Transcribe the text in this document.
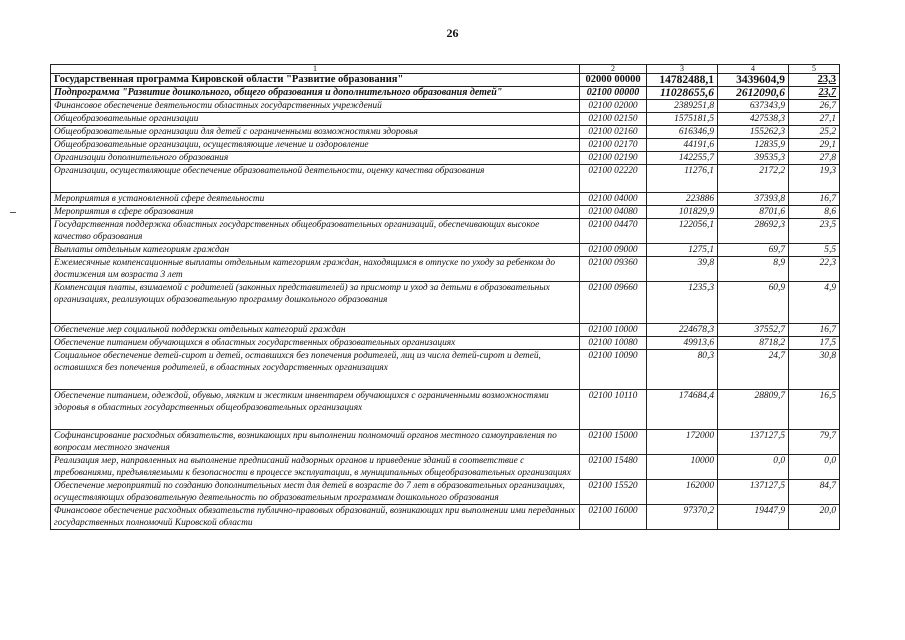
26
1	2	3	4	5
Государственная программа Кировской области "Развитие образования"	02000 00000	14782488,1	3439604,9	23,3
Подпрограмма "Развитие дошкольного, общего образования и дополнительного образования детей"	02100 00000	11028655,6	2612090,6	23,7
Финансовое обеспечение деятельности областных государственных учреждений	02100 02000	2389251,8	637343,9	26,7
Общеобразовательные организации	02100 02150	1575181,5	427538,3	27,1
Общеобразовательные организации для детей с ограниченными возможностями здоровья	02100 02160	616346,9	155262,3	25,2
Общеобразовательные организации, осуществляющие лечение и оздоровление	02100 02170	44191,6	12835,9	29,1
Организации дополнительного образования	02100 02190	142255,7	39535,3	27,8
Организации, осуществляющие обеспечение образовательной деятельности, оценку качества образования	02100 02220	11276,1	2172,2	19,3
Мероприятия в установленной сфере деятельности	02100 04000	223886	37393,8	16,7
Мероприятия в сфере образования	02100 04080	101829,9	8701,6	8,6
Государственная поддержка областных государственных общеобразовательных организаций, обеспечивающих высокое качество образования	02100 04470	122056,1	28692,3	23,5
Выплаты отдельным категориям граждан	02100 09000	1275,1	69,7	5,5
Ежемесячные компенсационные выплаты отдельным категориям граждан, находящимся в отпуске по уходу за ребенком до достижения им возраста 3 лет	02100 09360	39,8	8,9	22,3
Компенсация платы, взимаемой с родителей (законных представителей) за присмотр и уход за детьми в образовательных организациях, реализующих образовательную программу дошкольного образования	02100 09660	1235,3	60,9	4,9
Обеспечение мер социальной поддержки отдельных категорий граждан	02100 10000	224678,3	37552,7	16,7
Обеспечение питанием обучающихся в областных государственных образовательных организациях	02100 10080	49913,6	8718,2	17,5
Социальное обеспечение детей-сирот и детей, оставшихся без попечения родителей, лиц из числа детей-сирот и детей, оставшихся без попечения родителей, в областных государственных организациях	02100 10090	80,3	24,7	30,8
Обеспечение питанием, одеждой, обувью, мягким и жестким инвентарем обучающихся с ограниченными возможностями здоровья в областных государственных общеобразовательных организациях	02100 10110	174684,4	28809,7	16,5
Софинансирование расходных обязательств, возникающих при выполнении полномочий органов местного самоуправления по вопросам местного значения	02100 15000	172000	137127,5	79,7
Реализация мер, направленных на выполнение предписаний надзорных органов и приведение зданий в соответствие с требованиями, предъявляемыми к безопасности в процессе эксплуатации, в муниципальных общеобразовательных организациях	02100 15480	10000	0,0	0,0
Обеспечение мероприятий по созданию дополнительных мест для детей в возрасте до 7 лет в образовательных организациях, осуществляющих образовательную деятельность по образовательным программам дошкольного образования	02100 15520	162000	137127,5	84,7
Финансовое обеспечение расходных обязательств публично-правовых образований, возникающих при выполнении ими переданных государственных полномочий Кировской области	02100 16000	97370,2	19447,9	20,0
